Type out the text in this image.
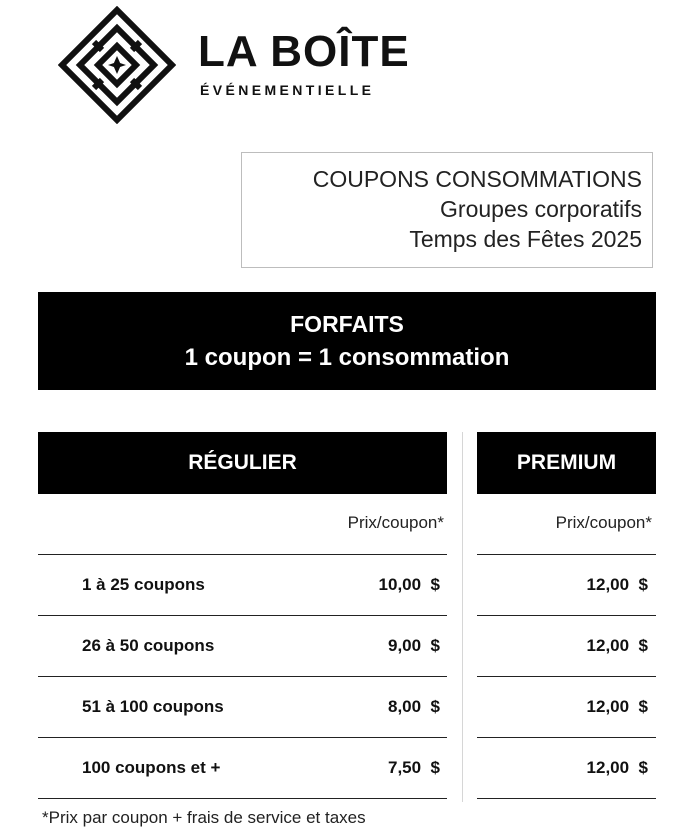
LA BOÎTE
ÉVÉNEMENTIELLE
COUPONS CONSOMMATIONS
Groupes corporatifs
Temps des Fêtes 2025
FORFAITS
1 coupon = 1 consommation
RÉGULIER	PREMIUM
Prix/coupon*	Prix/coupon*
1 à 25 coupons	10,00  $	12,00  $
26 à 50 coupons	9,00  $	12,00  $
51 à 100 coupons	8,00  $	12,00  $
100 coupons et +	7,50  $	12,00  $
*Prix par coupon + frais de service et taxes
